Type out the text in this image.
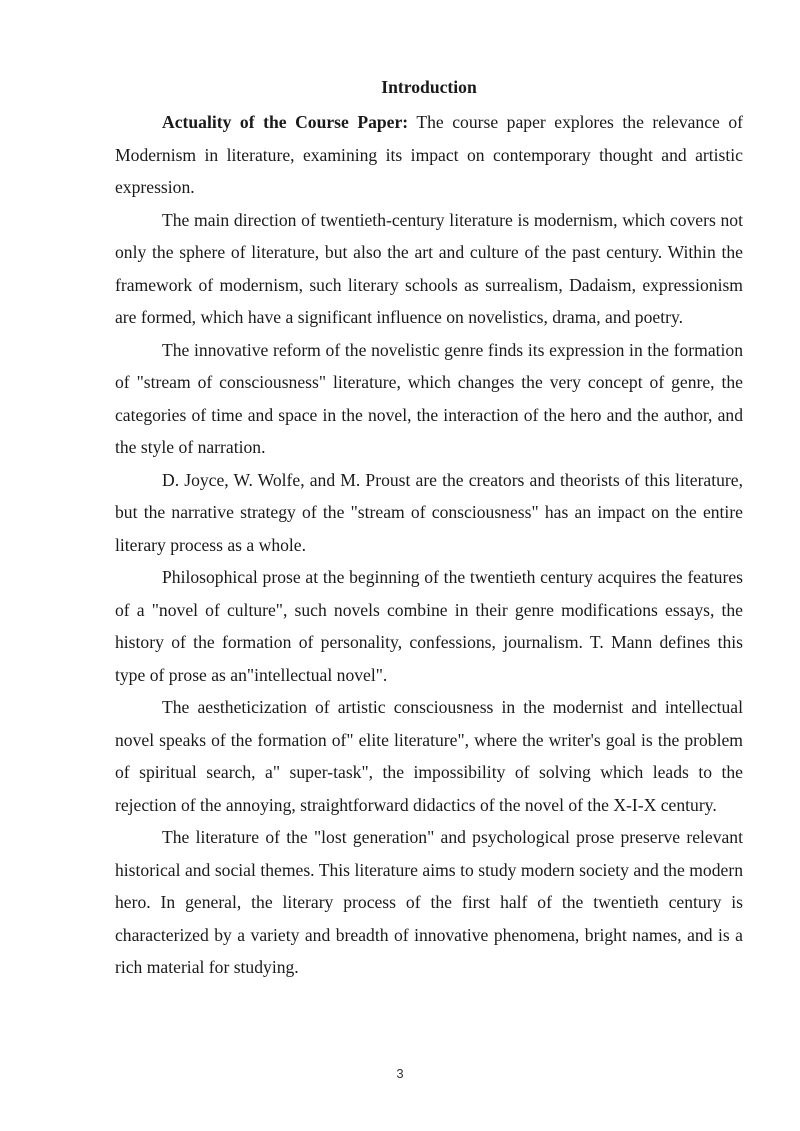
Introduction

Actuality of the Course Paper: The course paper explores the relevance of Modernism in literature, examining its impact on contemporary thought and artistic expression.

The main direction of twentieth-century literature is modernism, which covers not only the sphere of literature, but also the art and culture of the past century. Within the framework of modernism, such literary schools as surrealism, Dadaism, expressionism are formed, which have a significant influence on novelistics, drama, and poetry.

The innovative reform of the novelistic genre finds its expression in the formation of "stream of consciousness" literature, which changes the very concept of genre, the categories of time and space in the novel, the interaction of the hero and the author, and the style of narration.

D. Joyce, W. Wolfe, and M. Proust are the creators and theorists of this literature, but the narrative strategy of the "stream of consciousness" has an impact on the entire literary process as a whole.

Philosophical prose at the beginning of the twentieth century acquires the features of a "novel of culture", such novels combine in their genre modifications essays, the history of the formation of personality, confessions, journalism. T. Mann defines this type of prose as an"intellectual novel".

The aestheticization of artistic consciousness in the modernist and intellectual novel speaks of the formation of" elite literature", where the writer's goal is the problem of spiritual search, a" super-task", the impossibility of solving which leads to the rejection of the annoying, straightforward didactics of the novel of the X-I-X century.

The literature of the "lost generation" and psychological prose preserve relevant historical and social themes. This literature aims to study modern society and the modern hero. In general, the literary process of the first half of the twentieth century is characterized by a variety and breadth of innovative phenomena, bright names, and is a rich material for studying.

3
